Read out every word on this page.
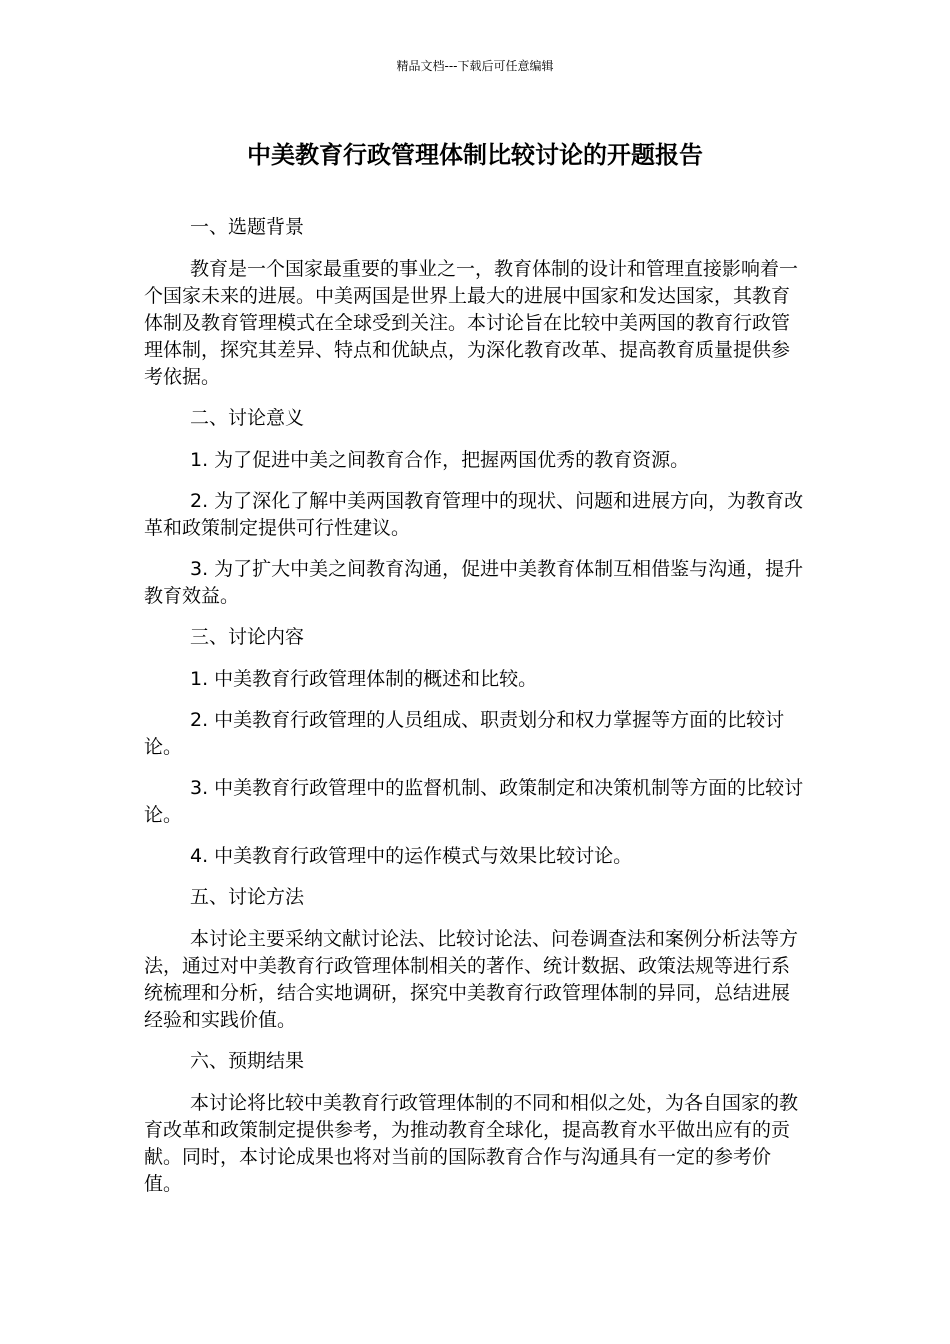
精品文档---下载后可任意编辑
中美教育行政管理体制比较讨论的开题报告

一、选题背景

教育是一个国家最重要的事业之一，教育体制的设计和管理直接影响着一个国家未来的进展。中美两国是世界上最大的进展中国家和发达国家，其教育体制及教育管理模式在全球受到关注。本讨论旨在比较中美两国的教育行政管理体制，探究其差异、特点和优缺点，为深化教育改革、提高教育质量提供参考依据。

二、讨论意义

1. 为了促进中美之间教育合作，把握两国优秀的教育资源。

2. 为了深化了解中美两国教育管理中的现状、问题和进展方向，为教育改革和政策制定提供可行性建议。

3. 为了扩大中美之间教育沟通，促进中美教育体制互相借鉴与沟通，提升教育效益。

三、讨论内容

1. 中美教育行政管理体制的概述和比较。

2. 中美教育行政管理的人员组成、职责划分和权力掌握等方面的比较讨论。

3. 中美教育行政管理中的监督机制、政策制定和决策机制等方面的比较讨论。

4. 中美教育行政管理中的运作模式与效果比较讨论。

五、讨论方法

本讨论主要采纳文献讨论法、比较讨论法、问卷调查法和案例分析法等方法，通过对中美教育行政管理体制相关的著作、统计数据、政策法规等进行系统梳理和分析，结合实地调研，探究中美教育行政管理体制的异同，总结进展经验和实践价值。

六、预期结果

本讨论将比较中美教育行政管理体制的不同和相似之处，为各自国家的教育改革和政策制定提供参考，为推动教育全球化，提高教育水平做出应有的贡献。同时，本讨论成果也将对当前的国际教育合作与沟通具有一定的参考价值。
